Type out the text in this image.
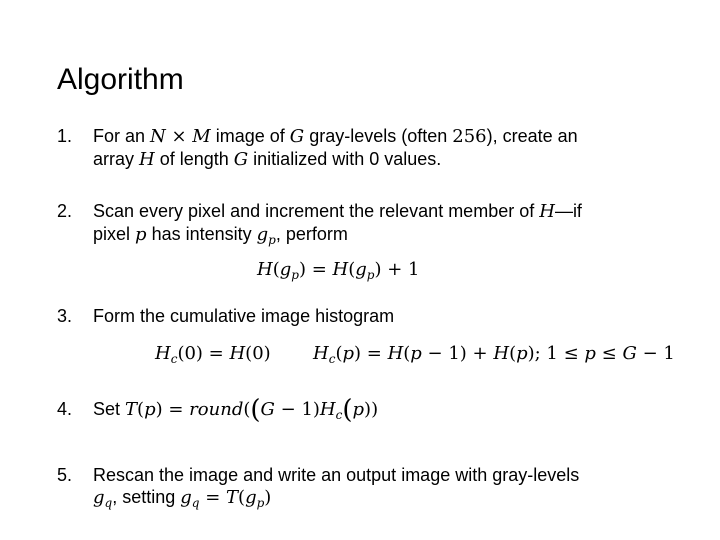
Algorithm
1.	For an N × M image of G gray-levels (often 256), create an
array H of length G initialized with 0 values.
2.	Scan every pixel and increment the relevant member of H—if
pixel p has intensity $g_p$, perform
$H(g_p) = H(g_p) + 1$
3.	Form the cumulative image histogram
$H_c(0) = H(0) H_c(p) = H(p - 1) + H(p)$; 1 ≤ p ≤ G − 1
4.	Set T(p) = round((G − $1)H_c(p)$)
5.	Rescan the image and write an output image with gray-levels
$g_q$, setting $g_q = T(g_p)$
